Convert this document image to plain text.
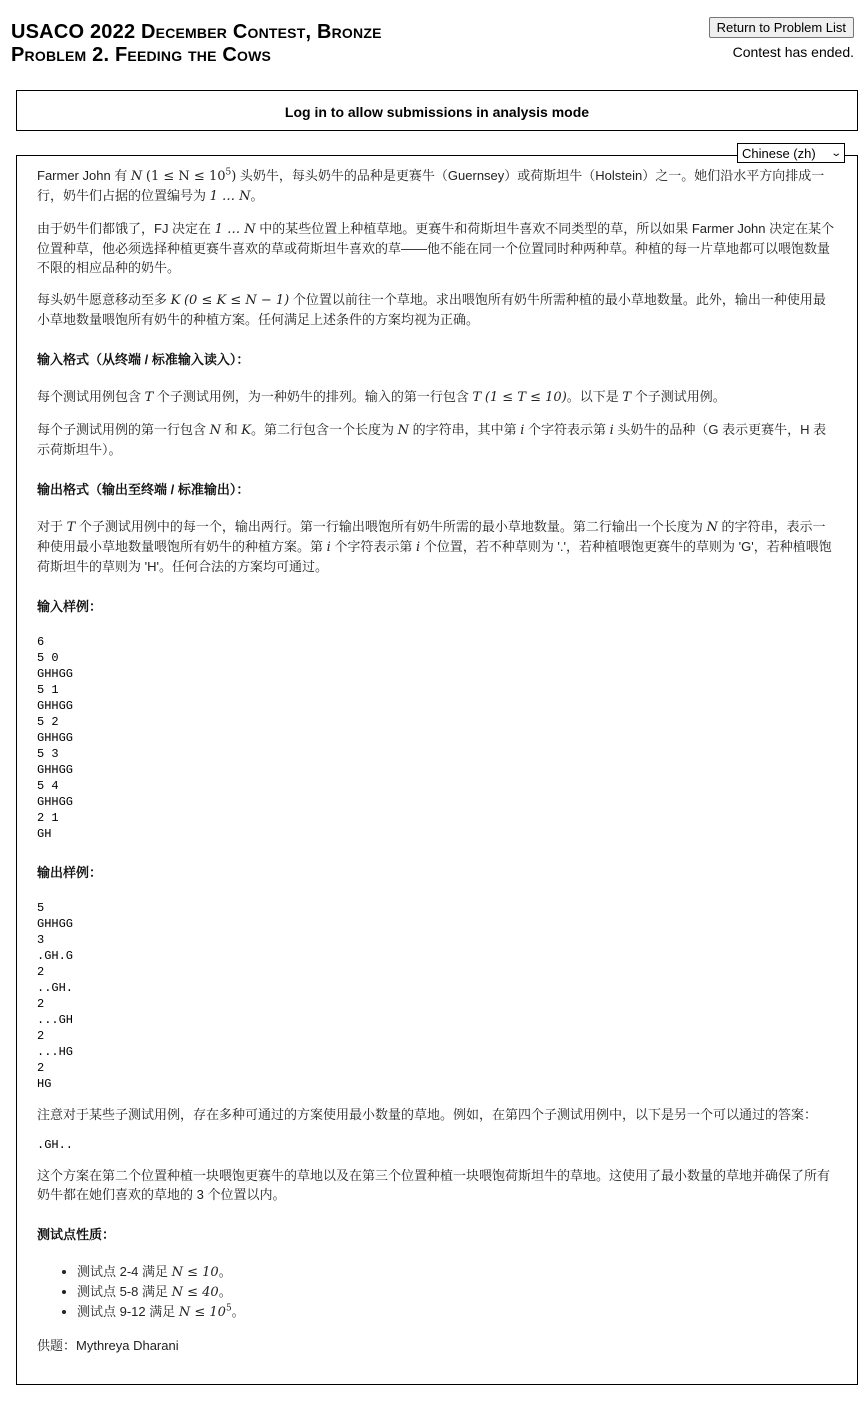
USACO 2022 December Contest, Bronze
Problem 2. Feeding the Cows
Return to Problem List
Contest has ended.
Log in to allow submissions in analysis mode
Chinese (zh) ⌄

Farmer John 有 N $(1 \le N \le 10^5)$ 头奶牛，每头奶牛的品种是更赛牛（Guernsey）或荷斯坦牛（Holstein）之一。她们沿水平方向排成一行，奶牛们占据的位置编号为 1 … N。

由于奶牛们都饿了，FJ 决定在 1 … N 中的某些位置上种植草地。更赛牛和荷斯坦牛喜欢不同类型的草，所以如果 Farmer John 决定在某个位置种草，他必须选择种植更赛牛喜欢的草或荷斯坦牛喜欢的草——他不能在同一个位置同时种两种草。种植的每一片草地都可以喂饱数量不限的相应品种的奶牛。

每头奶牛愿意移动至多 K (0 ≤ K ≤ N − 1) 个位置以前往一个草地。求出喂饱所有奶牛所需种植的最小草地数量。此外，输出一种使用最小草地数量喂饱所有奶牛的种植方案。任何满足上述条件的方案均视为正确。

输入格式（从终端 / 标准输入读入）：

每个测试用例包含 T 个子测试用例，为一种奶牛的排列。输入的第一行包含 T (1 ≤ T ≤ 10)。以下是 T 个子测试用例。

每个子测试用例的第一行包含 N 和 K。第二行包含一个长度为 N 的字符串，其中第 i 个字符表示第 i 头奶牛的品种（G 表示更赛牛，H 表示荷斯坦牛）。

输出格式（输出至终端 / 标准输出）：

对于 T 个子测试用例中的每一个，输出两行。第一行输出喂饱所有奶牛所需的最小草地数量。第二行输出一个长度为 N 的字符串，表示一种使用最小草地数量喂饱所有奶牛的种植方案。第 i 个字符表示第 i 个位置，若不种草则为 '.'，若种植喂饱更赛牛的草则为 'G'，若种植喂饱荷斯坦牛的草则为 'H'。任何合法的方案均可通过。

输入样例：

6
5 0
GHHGG
5 1
GHHGG
5 2
GHHGG
5 3
GHHGG
5 4
GHHGG
2 1
GH

输出样例：

5
GHHGG
3
.GH.G
2
..GH.
2
...GH
2
...HG
2
HG

注意对于某些子测试用例，存在多种可通过的方案使用最小数量的草地。例如，在第四个子测试用例中，以下是另一个可以通过的答案：

.GH..

这个方案在第二个位置种植一块喂饱更赛牛的草地以及在第三个位置种植一块喂饱荷斯坦牛的草地。这使用了最小数量的草地并确保了所有奶牛都在她们喜欢的草地的 3 个位置以内。

测试点性质：

• 测试点 2-4 满足 N ≤ 10。
• 测试点 5-8 满足 N ≤ 40。
• 测试点 9-12 满足 $N \le 10^5$。

供题：Mythreya Dharani
